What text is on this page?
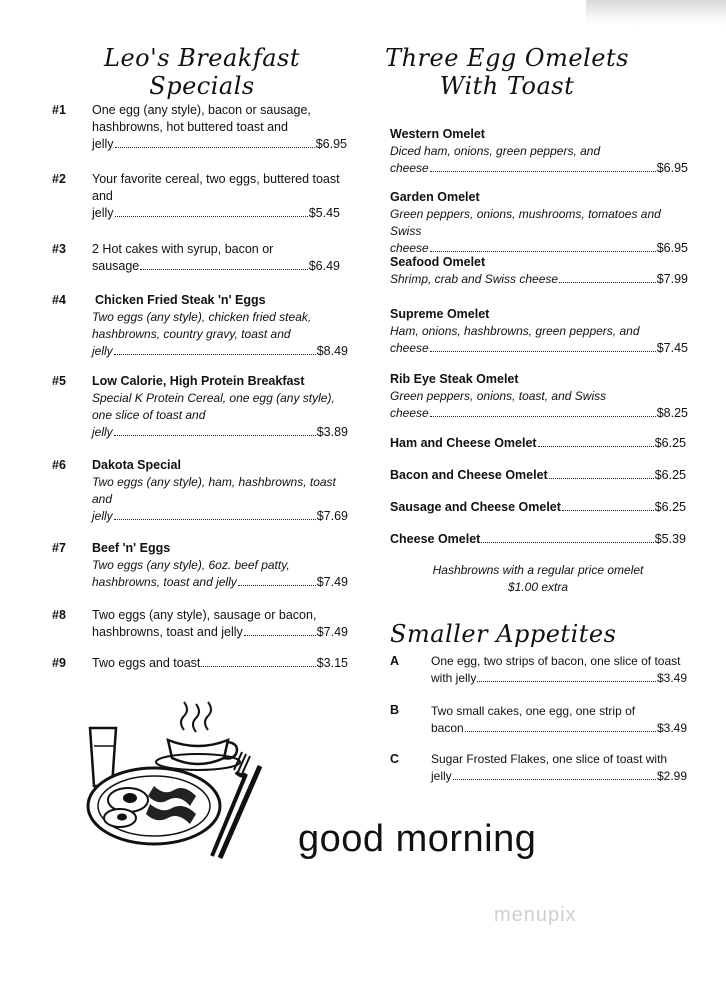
Leo's Breakfast Specials
#1 One egg (any style), bacon or sausage, hashbrowns, hot buttered toast and
jelly	$6.95
#2 Your favorite cereal, two eggs, buttered toast and
jelly	$5.45
#3 2 Hot cakes with syrup, bacon or
sausage	$6.49
#4 Chicken Fried Steak 'n' Eggs
Two eggs (any style), chicken fried steak, hashbrowns, country gravy, toast and
jelly	$8.49
#5 Low Calorie, High Protein Breakfast
Special K Protein Cereal, one egg (any style), one slice of toast and
jelly	$3.89
#6 Dakota Special
Two eggs (any style), ham, hashbrowns, toast and
jelly	$7.69
#7 Beef 'n' Eggs
Two eggs (any style), 6oz. beef patty,
hashbrowns, toast and jelly	$7.49
#8 Two eggs (any style), sausage or bacon,
hashbrowns, toast and jelly	$7.49
#9 Two eggs and toast	$3.15
Three Egg Omelets
With Toast
Western Omelet
Diced ham, onions, green peppers, and
cheese	$6.95
Garden Omelet
Green peppers, onions, mushrooms, tomatoes and Swiss
cheese	$6.95
Seafood Omelet
Shrimp, crab and Swiss cheese	$7.99
Supreme Omelet
Ham, onions, hashbrowns, green peppers, and
cheese	$7.45
Rib Eye Steak Omelet
Green peppers, onions, toast, and Swiss
cheese	$8.25
Ham and Cheese Omelet	$6.25
Bacon and Cheese Omelet	$6.25
Sausage and Cheese Omelet	$6.25
Cheese Omelet	$5.39
Hashbrowns with a regular price omelet
$1.00 extra
Smaller Appetites
A	One egg, two strips of bacon, one slice of toast
with jelly	$3.49
B	Two small cakes, one egg, one strip of
bacon	$3.49
C	Sugar Frosted Flakes, one slice of toast with
jelly	$2.99
good morning
menupix
